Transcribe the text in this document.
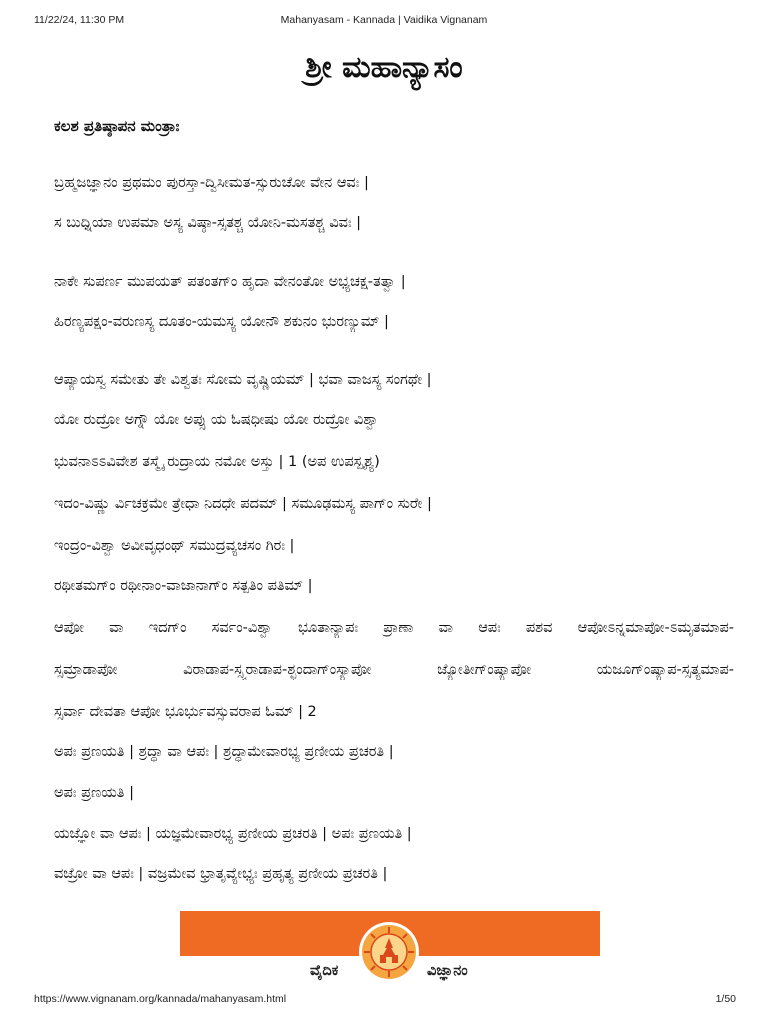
11/22/24, 11:30 PM	Mahanyasam - Kannada | Vaidika Vignanam
ಶ್ರೀ ಮಹಾನ್ಯಾಸಂ
ಕಲಶ ಪ್ರತಿಷ್ಠಾಪನ ಮಂತ್ರಾಃ
ಬ್ರಹ್ಮಜಜ್ಞಾನಂ ಪ್ರಥಮಂ ಪುರಸ್ತಾ-ದ್ವಿಸೀಮತ-ಸ್ಸುರುಚೋ ವೇನ ಆವಃ |
ಸ ಬುಧ್ನಿಯಾ ಉಪಮಾ ಅಸ್ಯ ವಿಷ್ಠಾ-ಸ್ಸತಶ್ಚ ಯೋನಿ-ಮಸತಶ್ಚ ವಿವಃ |
ನಾಕೇ ಸುಪರ್ಣ ಮುಪಯತ್ ಪತಂತಗ್ಂ ಹೃದಾ ವೇನಂತೋ ಅಭ್ಯಚಕ್ಷ-ತತ್ವಾ |
ಹಿರಣ್ಯಪಕ್ಷಂ-ವರುಣಸ್ಯ ದೂತಂ-ಯಮಸ್ಯ ಯೋನೌ ಶಕುನಂ ಭುರಣ್ಯುಮ್ |
ಆಪ್ಯಾಯಸ್ವ ಸಮೇತು ತೇ ವಿಶ್ವತಃ ಸೋಮ ವೃಷ್ಣಿಯಮ್ | ಭವಾ ವಾಜಸ್ಯ ಸಂಗಥೇ |
ಯೋ ರುದ್ರೋ ಅಗ್ನೌ ಯೋ ಅಪ್ಸು ಯ ಓಷಧೀಷು ಯೋ ರುದ್ರೋ ವಿಶ್ವಾ
ಭುವನಾಽಽವಿವೇಶ ತಸ್ಮೈ ರುದ್ರಾಯ ನಮೋ ಅಸ್ತು | 1 (ಅಪ ಉಪಸ್ಪೃಶ್ಯ)
ಇದಂ-ವಿಷ್ಣು ರ್ವಿಚಕ್ರಮೇ ತ್ರೇಧಾ ನಿದಧೇ ಪದಮ್ | ಸಮೂಢಮಸ್ಯ ಪಾಗ್ಂ ಸುರೇ |
ಇಂದ್ರಂ-ವಿಶ್ವಾ ಅವೀವೃಧಂಥ್ ಸಮುದ್ರವ್ಯಚಸಂ ಗಿರಃ |
ರಥೀತಮಗ್ಂ ರಥೀನಾಂ-ವಾಜಾನಾಗ್ಂ ಸತ್ಪತಿಂ ಪತಿಮ್ |
ಆಪೋ ವಾ ಇದಗ್ಂ ಸರ್ವಂ-ವಿಶ್ವಾ ಭೂತಾನ್ಯಾಪಃ ಪ್ರಾಣಾ ವಾ ಆಪಃ ಪಶವ ಆಪೋಽನ್ನಮಾಪೋ-ಽಮೃತಮಾಪ-
ಸ್ಸಮ್ರಾಡಾಪೋ ವಿರಾಡಾಪ-ಸ್ಸ್ವರಾಡಾಪ-ಶ್ಛಂದಾಗ್ಂಸ್ಯಾಪೋ ಜ್ಯೋತೀಗ್ಂಷ್ಯಾಪೋ ಯಜೂಗ್ಂಷ್ಯಾಪ-ಸ್ಸತ್ಯಮಾಪ-
ಸ್ಸರ್ವಾ ದೇವತಾ ಆಪೋ ಭೂರ್ಭುವಸ್ಸುವರಾಪ ಓಮ್ | 2
ಅಪಃ ಪ್ರಣಯತಿ | ಶ್ರದ್ಧಾ ವಾ ಆಪಃ | ಶ್ರದ್ಧಾಮೇವಾರಭ್ಯ ಪ್ರಣೀಯ ಪ್ರಚರತಿ |
ಅಪಃ ಪ್ರಣಯತಿ |
ಯಜ್ಞೋ ವಾ ಆಪಃ | ಯಜ್ಞಮೇವಾರಭ್ಯ ಪ್ರಣೀಯ ಪ್ರಚರತಿ | ಅಪಃ ಪ್ರಣಯತಿ |
ವಜ್ರೋ ವಾ ಆಪಃ | ವಜ್ರಮೇವ ಭ್ರಾತೃವ್ಯೇಭ್ಯಃ ಪ್ರಹೃತ್ಯ ಪ್ರಣೀಯ ಪ್ರಚರತಿ |
ವೈದಿಕ	ವಿಜ್ಞಾನಂ
https://www.vignanam.org/kannada/mahanyasam.html	1/50
